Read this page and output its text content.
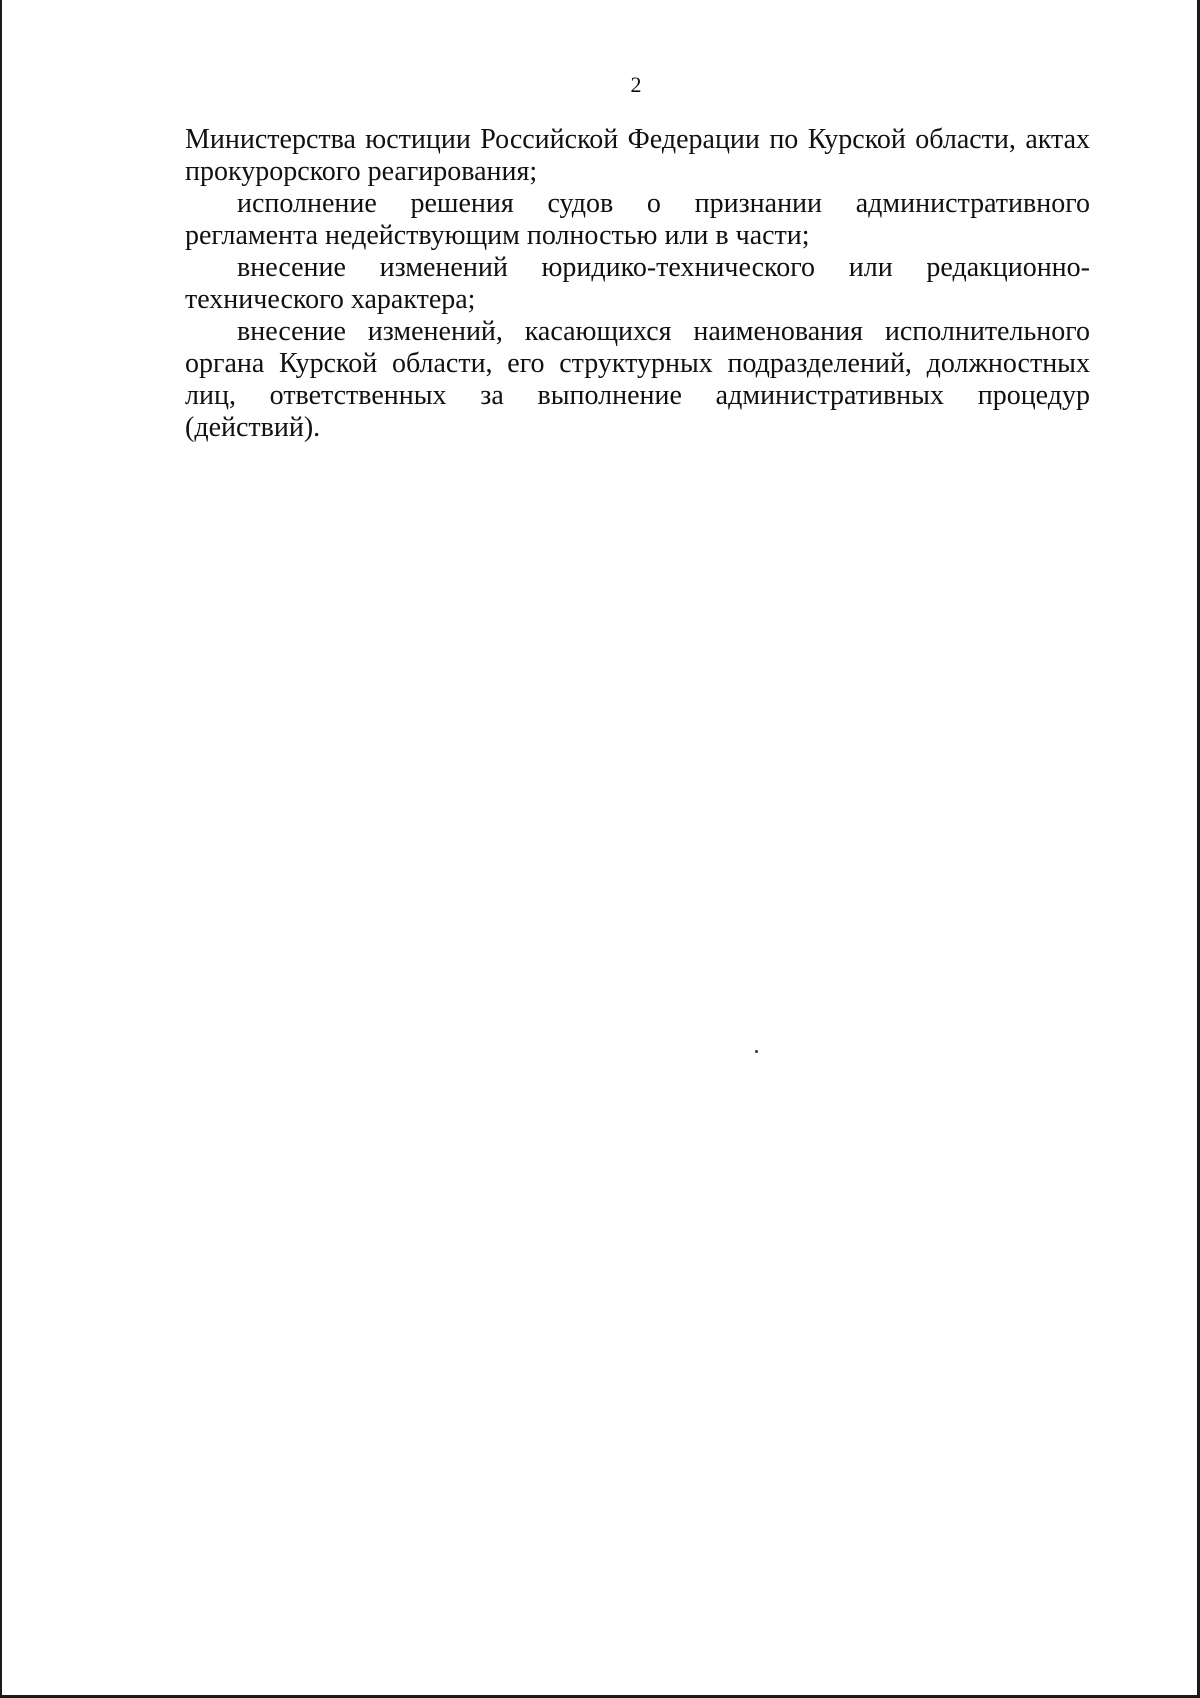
2

Министерства юстиции Российской Федерации по Курской области, актах прокурорского реагирования;

исполнение решения судов о признании административного регламента недействующим полностью или в части;

внесение изменений юридико-технического или редакционно-технического характера;

внесение изменений, касающихся наименования исполнительного органа Курской области, его структурных подразделений, должностных лиц, ответственных за выполнение административных процедур (действий).
